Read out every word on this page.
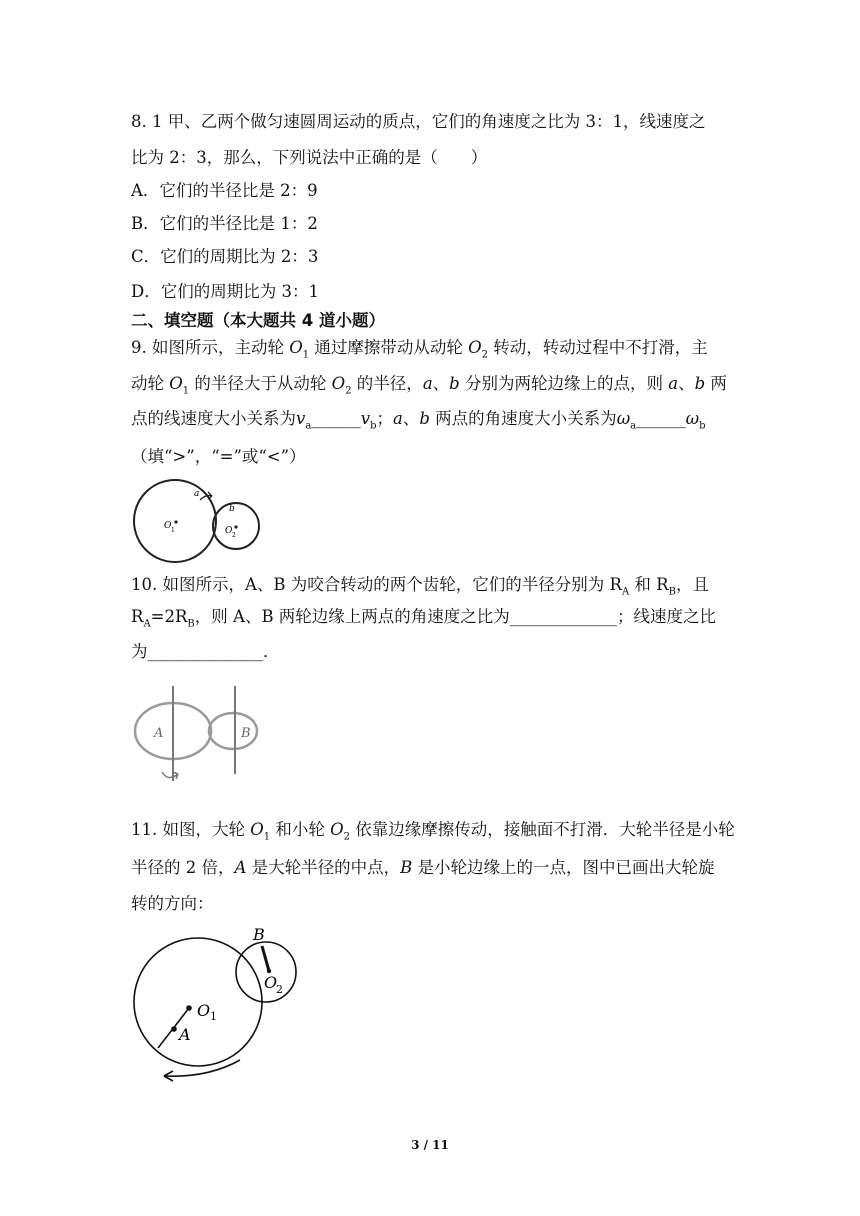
8. 1 甲、乙两个做匀速圆周运动的质点，它们的角速度之比为 3：1，线速度之
比为 2：3，那么，下列说法中正确的是（　　）
A．它们的半径比是 2：9
B．它们的半径比是 1：2
C．它们的周期比为 2：3
D．它们的周期比为 3：1
二、填空题（本大题共 4 道小题）
9. 如图所示，主动轮 $O_1$ 通过摩擦带动从动轮 $O_2$ 转动，转动过程中不打滑，主
动轮 $O_1$ 的半径大于从动轮 $O_2$ 的半径，a、b 分别为两轮边缘上的点，则 a、b 两
点的线速度大小关系为$v_a\_\_\_\_\_\_v_b$；a、b 两点的角速度大小关系为$\omega_a\_\_\_\_\_\_\omega_b$
（填“>”，“=”或“<”）
a
b
O 1	O 2
10. 如图所示，A、B 为咬合转动的两个齿轮，它们的半径分别为 $R_A$ 和 $R_B$，且
$R_A=2R_B$，则 A、B 两轮边缘上两点的角速度之比为_____________；线速度之比
为______________．
A	B
11. 如图，大轮 $O_1$ 和小轮 $O_2$ 依靠边缘摩擦传动，接触面不打滑．大轮半径是小轮
半径的 2 倍，A 是大轮半径的中点，B 是小轮边缘上的一点，图中已画出大轮旋
转的方向：
B
O
2
O 1
A
3 / 11
